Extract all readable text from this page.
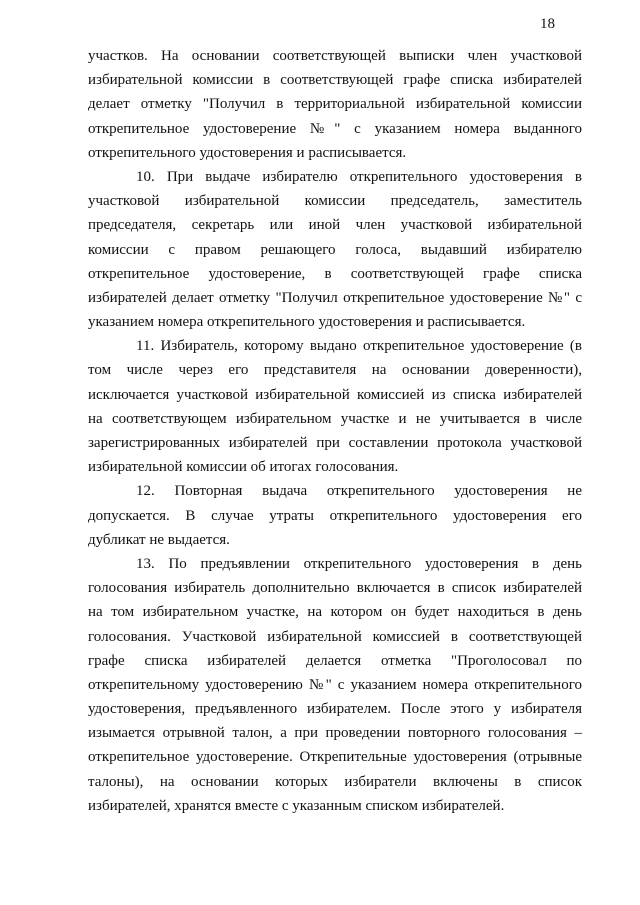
18
участков. На основании соответствующей выписки член участковой
избирательной комиссии в соответствующей графе списка избирателей
делает отметку "Получил в территориальной избирательной комиссии
открепительное удостоверение №" с указанием номера выданного
открепительного удостоверения и расписывается.
10. При выдаче избирателю открепительного удостоверения в
участковой избирательной комиссии председатель, заместитель
председателя, секретарь или иной член участковой избирательной
комиссии с правом решающего голоса, выдавший избирателю
открепительное удостоверение, в соответствующей графе списка
избирателей делает отметку "Получил открепительное удостоверение №" с
указанием номера открепительного удостоверения и расписывается.
11. Избиратель, которому выдано открепительное удостоверение (в
том числе через его представителя на основании доверенности),
исключается участковой избирательной комиссией из списка избирателей
на соответствующем избирательном участке и не учитывается в числе
зарегистрированных избирателей при составлении протокола участковой
избирательной комиссии об итогах голосования.
12. Повторная выдача открепительного удостоверения не
допускается. В случае утраты открепительного удостоверения его
дубликат не выдается.
13. По предъявлении открепительного удостоверения в день
голосования избиратель дополнительно включается в список избирателей
на том избирательном участке, на котором он будет находиться в день
голосования. Участковой избирательной комиссией в соответствующей
графе списка избирателей делается отметка "Проголосовал по
открепительному удостоверению №" с указанием номера открепительного
удостоверения, предъявленного избирателем. После этого у избирателя
изымается отрывной талон, а при проведении повторного голосования –
открепительное удостоверение. Открепительные удостоверения (отрывные
талоны), на основании которых избиратели включены в список
избирателей, хранятся вместе с указанным списком избирателей.
